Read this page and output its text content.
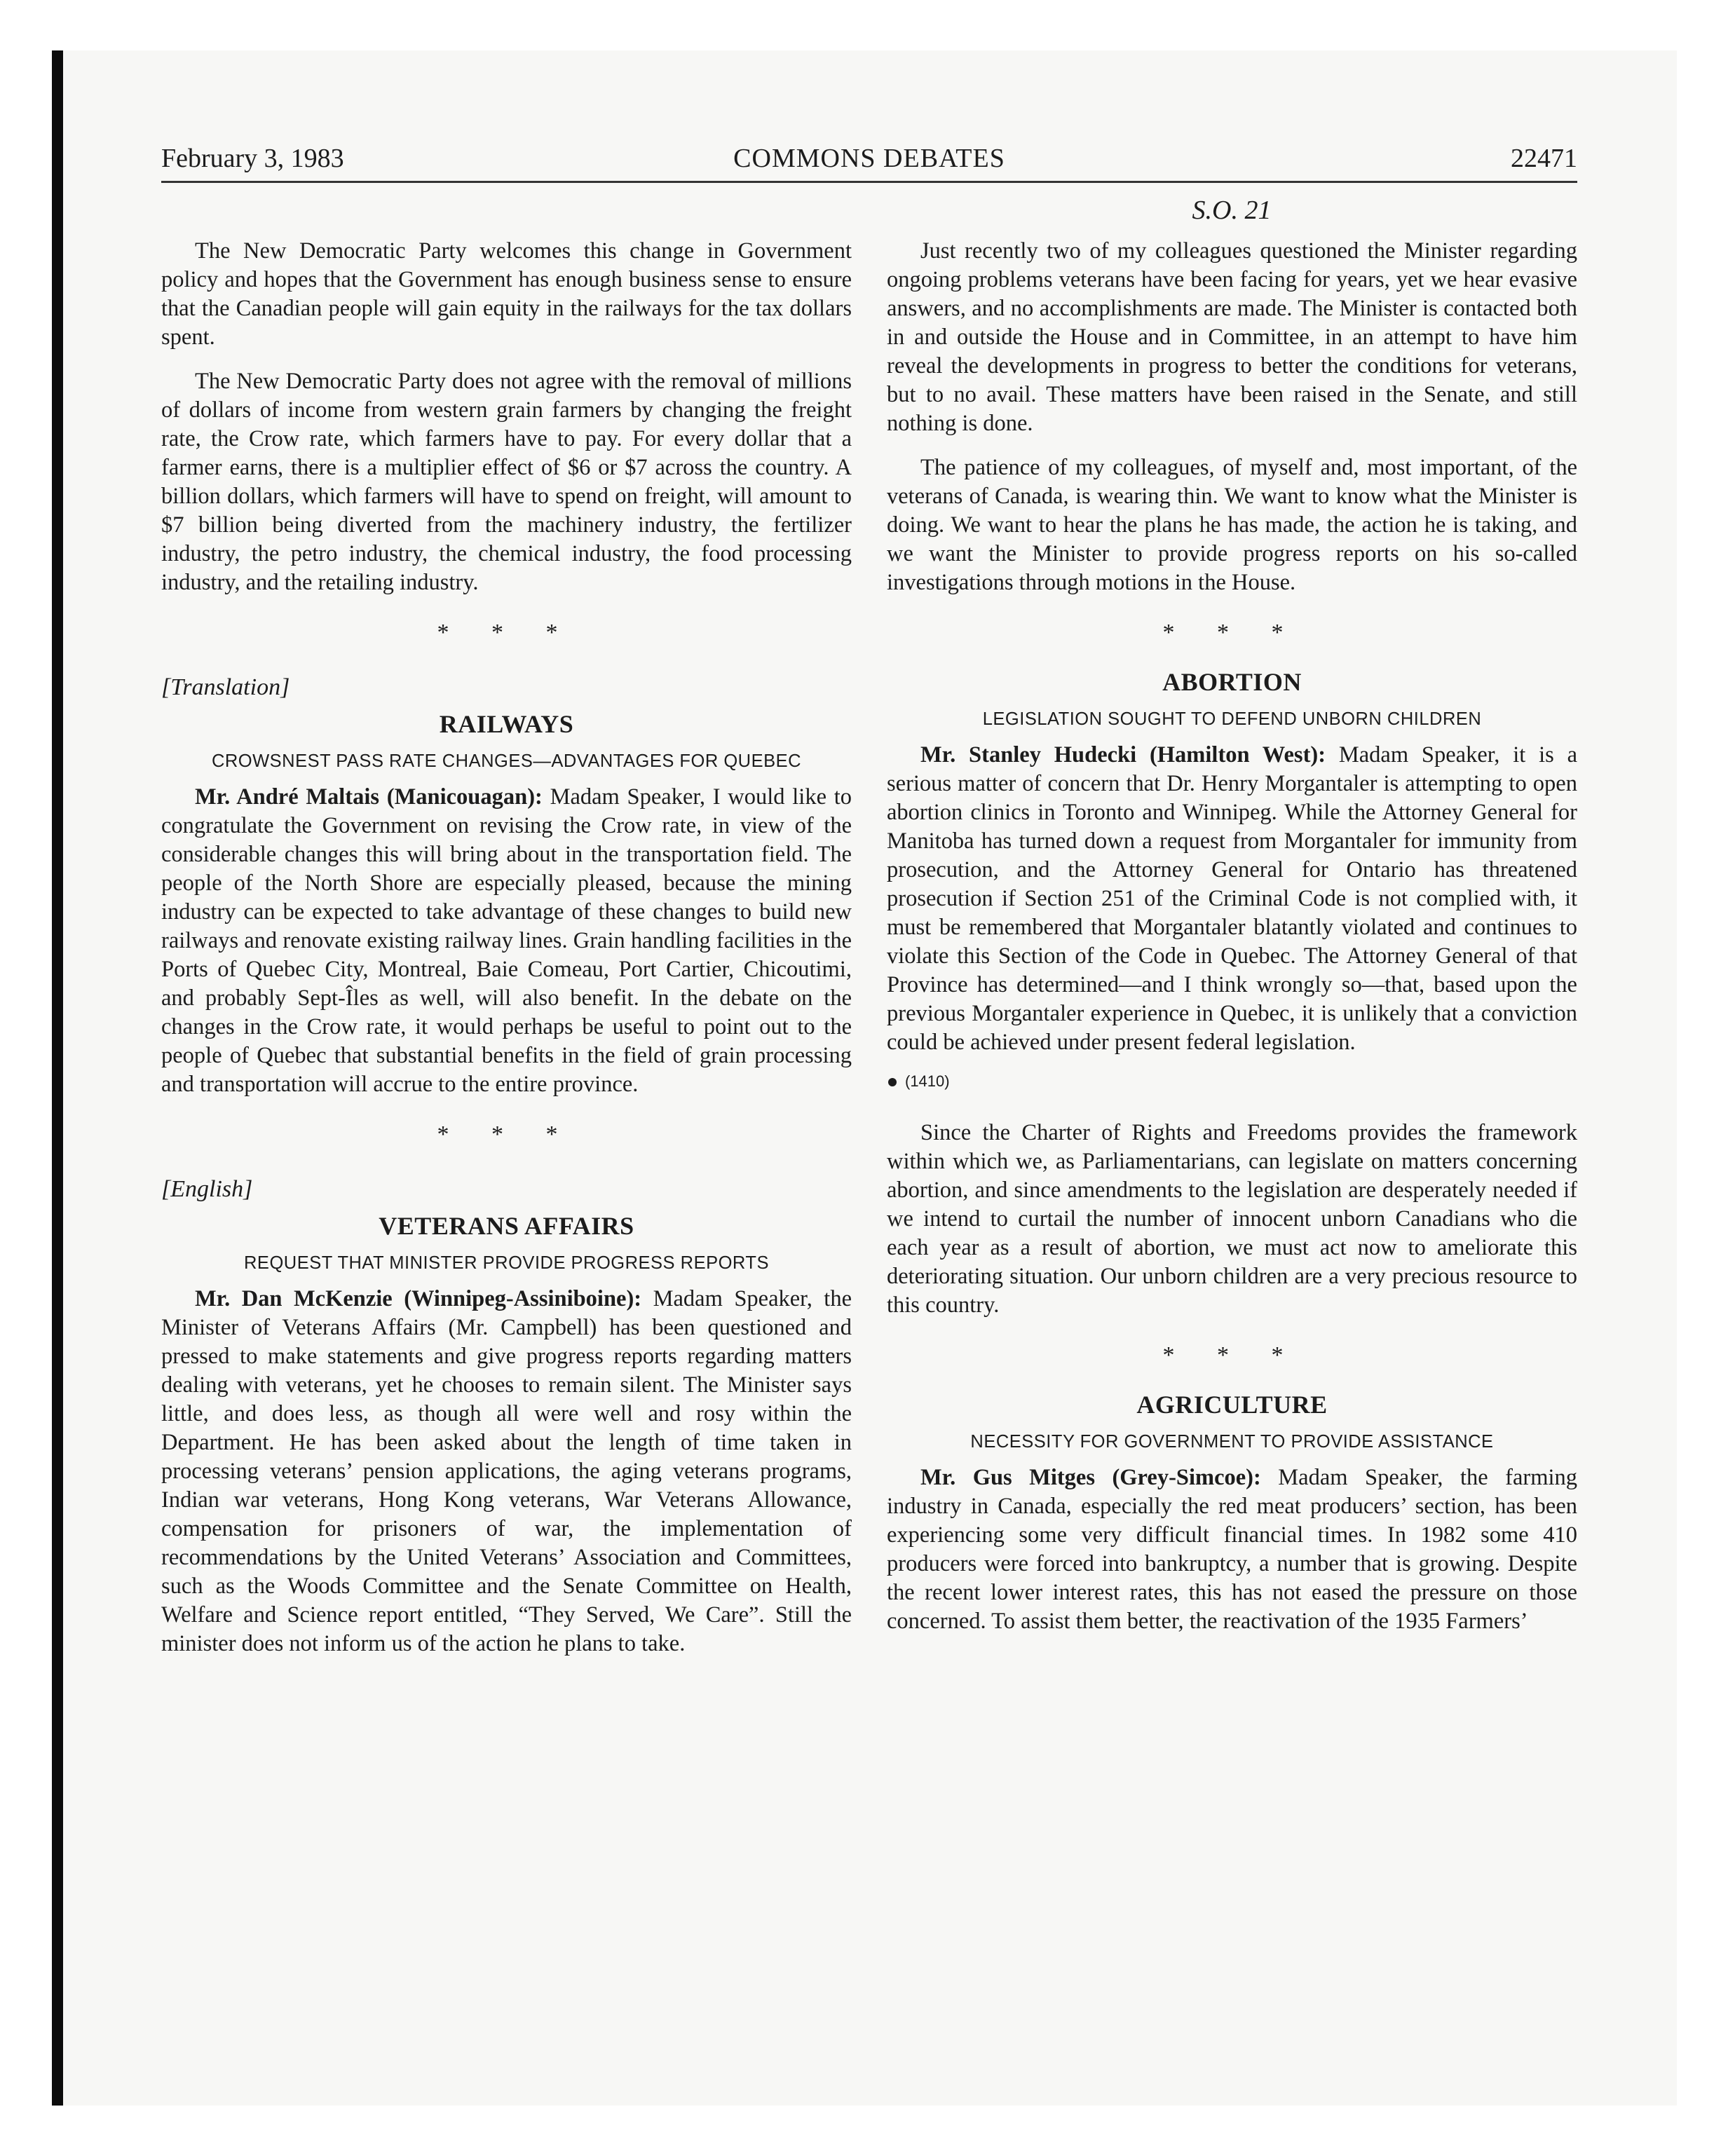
February 3, 1983	COMMONS DEBATES	22471
S.O. 21

The New Democratic Party welcomes this change in Government policy and hopes that the Government has enough business sense to ensure that the Canadian people will gain equity in the railways for the tax dollars spent.

The New Democratic Party does not agree with the removal of millions of dollars of income from western grain farmers by changing the freight rate, the Crow rate, which farmers have to pay. For every dollar that a farmer earns, there is a multiplier effect of $6 or $7 across the country. A billion dollars, which farmers will have to spend on freight, will amount to $7 billion being diverted from the machinery industry, the fertilizer industry, the petro industry, the chemical industry, the food processing industry, and the retailing industry.

* * *
[Translation]
RAILWAYS
CROWSNEST PASS RATE CHANGES—ADVANTAGES FOR QUEBEC

Mr. André Maltais (Manicouagan): Madam Speaker, I would like to congratulate the Government on revising the Crow rate, in view of the considerable changes this will bring about in the transportation field. The people of the North Shore are especially pleased, because the mining industry can be expected to take advantage of these changes to build new railways and renovate existing railway lines. Grain handling facilities in the Ports of Quebec City, Montreal, Baie Comeau, Port Cartier, Chicoutimi, and probably Sept-Îles as well, will also benefit. In the debate on the changes in the Crow rate, it would perhaps be useful to point out to the people of Quebec that substantial benefits in the field of grain processing and transportation will accrue to the entire province.

* * *
[English]
VETERANS AFFAIRS
REQUEST THAT MINISTER PROVIDE PROGRESS REPORTS

Mr. Dan McKenzie (Winnipeg-Assiniboine): Madam Speaker, the Minister of Veterans Affairs (Mr. Campbell) has been questioned and pressed to make statements and give progress reports regarding matters dealing with veterans, yet he chooses to remain silent. The Minister says little, and does less, as though all were well and rosy within the Department. He has been asked about the length of time taken in processing veterans’ pension applications, the aging veterans programs, Indian war veterans, Hong Kong veterans, War Veterans Allowance, compensation for prisoners of war, the implementation of recommendations by the United Veterans’ Association and Committees, such as the Woods Committee and the Senate Committee on Health, Welfare and Science report entitled, “They Served, We Care”. Still the minister does not inform us of the action he plans to take.

Just recently two of my colleagues questioned the Minister regarding ongoing problems veterans have been facing for years, yet we hear evasive answers, and no accomplishments are made. The Minister is contacted both in and outside the House and in Committee, in an attempt to have him reveal the developments in progress to better the conditions for veterans, but to no avail. These matters have been raised in the Senate, and still nothing is done.

The patience of my colleagues, of myself and, most important, of the veterans of Canada, is wearing thin. We want to know what the Minister is doing. We want to hear the plans he has made, the action he is taking, and we want the Minister to provide progress reports on his so-called investigations through motions in the House.

* * *
ABORTION
LEGISLATION SOUGHT TO DEFEND UNBORN CHILDREN

Mr. Stanley Hudecki (Hamilton West): Madam Speaker, it is a serious matter of concern that Dr. Henry Morgantaler is attempting to open abortion clinics in Toronto and Winnipeg. While the Attorney General for Manitoba has turned down a request from Morgantaler for immunity from prosecution, and the Attorney General for Ontario has threatened prosecution if Section 251 of the Criminal Code is not complied with, it must be remembered that Morgantaler blatantly violated and continues to violate this Section of the Code in Quebec. The Attorney General of that Province has determined—and I think wrongly so—that, based upon the previous Morgantaler experience in Quebec, it is unlikely that a conviction could be achieved under present federal legislation.

(1410)

Since the Charter of Rights and Freedoms provides the framework within which we, as Parliamentarians, can legislate on matters concerning abortion, and since amendments to the legislation are desperately needed if we intend to curtail the number of innocent unborn Canadians who die each year as a result of abortion, we must act now to ameliorate this deteriorating situation. Our unborn children are a very precious resource to this country.

* * *
AGRICULTURE
NECESSITY FOR GOVERNMENT TO PROVIDE ASSISTANCE

Mr. Gus Mitges (Grey-Simcoe): Madam Speaker, the farming industry in Canada, especially the red meat producers’ section, has been experiencing some very difficult financial times. In 1982 some 410 producers were forced into bankruptcy, a number that is growing. Despite the recent lower interest rates, this has not eased the pressure on those concerned. To assist them better, the reactivation of the 1935 Farmers’
